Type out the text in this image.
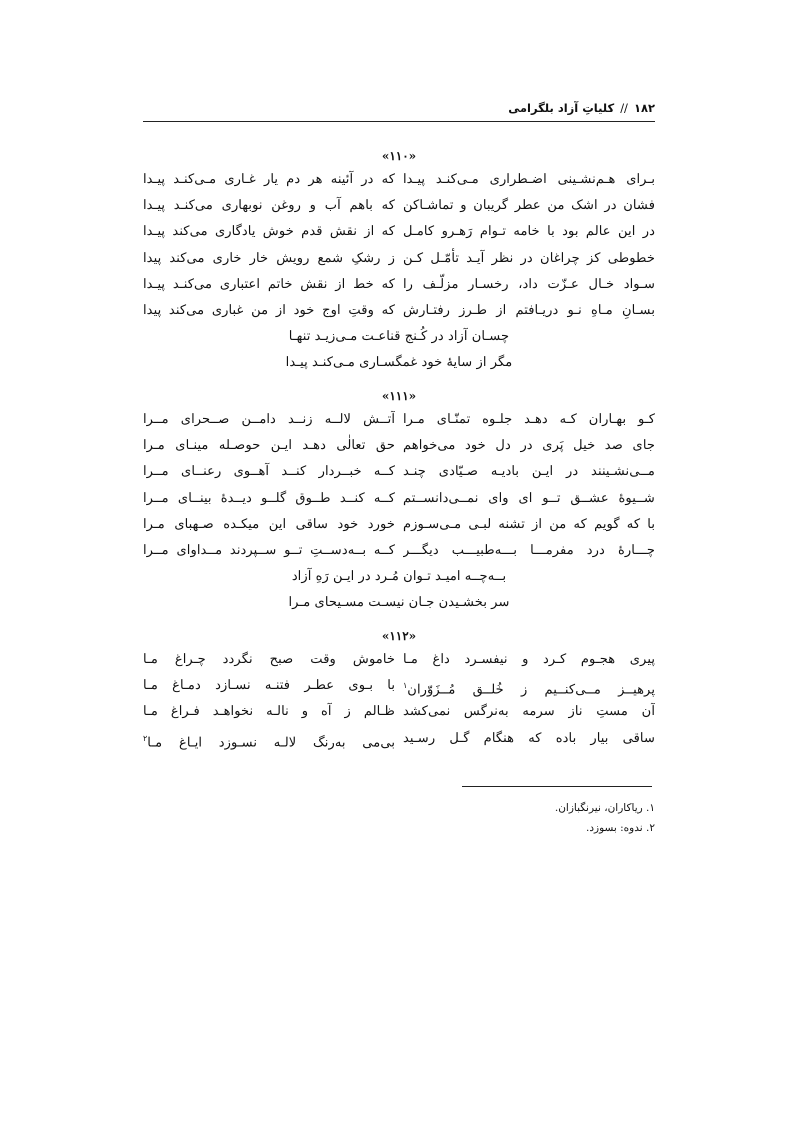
۱۸۲
//
کلیاتِ آزاد بلگرامی
«۱۱۰»
بـرای هـم‌نشـینی اضـطراری مـی‌کنـد پیـدا
که در آئینه هر دم یار غـاری مـی‌کنـد پیـدا
فشان در اشک من عطر گریبان و تماشـاکن
که باهم آب و روغن نوبهاری می‌کنـد پیـدا
در این عالم بود با خامه تـوام رَهـرو کامـل
که از نقش قدم خوش یادگاری می‌کند پیـدا
خطوطی کز چراغان در نظر آیـد تأمّـل کـن
ز رشکِ شمع رویش خار خاری می‌کند پیدا
سـواد خـال عـزّت داد، رخسـار مزلّـف را
که خط از نقش خاتم اعتباری می‌کنـد پیـدا
بسـانِ مـاهِ نـو دریـافتم از طـرز رفتـارش
که وقتِ اوج خود از من غباری می‌کند پیدا
چسـان آزاد در کُـنج قناعـت مـی‌زیـد تنهـا
مگر از سایهٔ خود غمگسـاری مـی‌کنـد پیـدا
«۱۱۱»
کـو بهـاران کـه دهـد جلـوه تمنّـای مـرا
آتــش لالــه زنــد دامــن صــحرای مــرا
جای صد خیل پَری در دل خود می‌خواهم
حق تعالٰی دهـد ایـن حوصـله مینـای مـرا
مــی‌نشـینند در ایـن بادیـه صـیّادی چنـد
کــه خبــردار کنــد آهــوی رعنــای مــرا
شــیوهٔ عشــق تــو ای وای نمــی‌دانســتم
کــه کنــد طــوق گلــو دیــدهٔ بینــای مــرا
با که گویم که من از تشنه لبـی مـی‌سـوزم
خورد خود ساقی این میکـده صـهبای مـرا
چـــارهٔ درد مفرمـــا بـــه‌طبیـــب دیگـــر
کــه بــه‌دســتِ تــو ســپردند مــداوای مــرا
بــه‌چــه امیـد تـوان مُـرد در ایـن رَهِ آزاد
سر بخشـیدن جـان نیسـت مسـیحای مـرا
«۱۱۲»
پیری هجـوم کـرد و نیفسـرد داغ مـا
خاموش وقت صبح نگردد چـراغ مـا
پرهیــز مــی‌کنــیم ز خُلــق مُــزَوّران$^۱$
با بـوی عطـر فتنـه نسـازد دمـاغ مـا
آن مستِ ناز سرمه به‌نرگس نمی‌کشد
ظـالم ز آه و نالـه نخواهـد فـراغ مـا
ساقی بیار باده که هنگام گـل رسـید
بی‌می به‌رنگ لالـه نسـوزد ایـاغ مـا$^۲$
۱. ریاکاران، نیرنگبازان.
۲. ندوه: بسوزد.
